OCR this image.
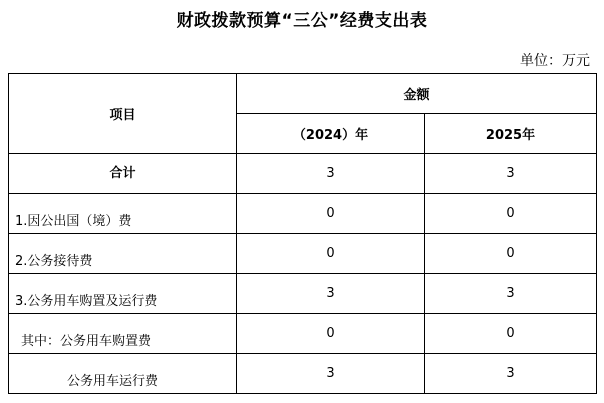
财政拨款预算“三公”经费支出表
单位：万元
项目	金额	
	（2024）年	2025年
合计	3	3
1.因公出国（境）费	0	0
2.公务接待费	0	0
3.公务用车购置及运行费	3	3
其中：公务用车购置费	0	0
公务用车运行费	3	3
